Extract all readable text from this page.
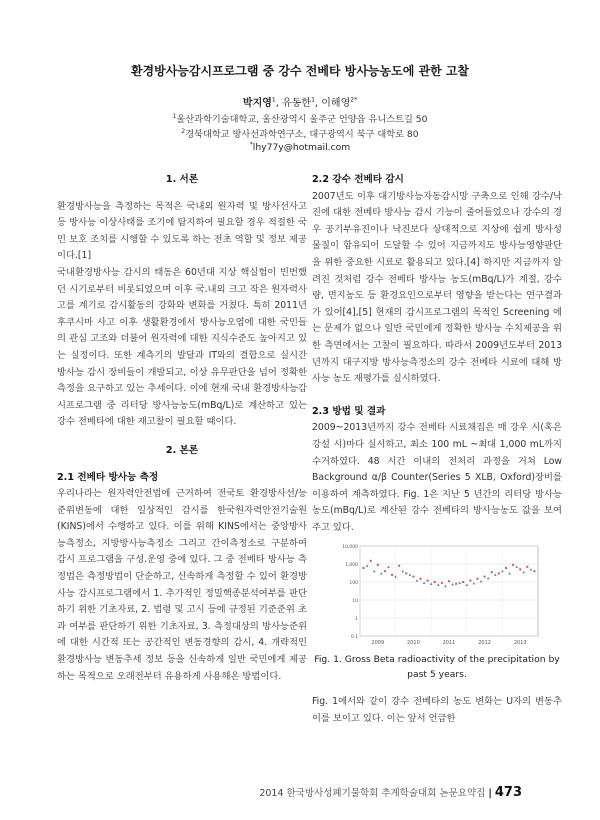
환경방사능감시프로그램 중 강수 전베타 방사능농도에 관한 고찰
박지영$^1$, 유동한$^1$, 이해영$^{2*}$
$^1$울산과학기술대학교, 울산광역시 울주군 언양읍 유니스트길 50
$^2$경북대학교 방사선과학연구소, 대구광역시 북구 대학로 80
*lhy77y@hotmail.com
1. 서론

환경방사능을 측정하는 목적은 국내외 원자력 및 방사선사고 등 방사능 이상사태를 조기에 탐지하여 필요할 경우 적절한 국민 보호 조치를 시행할 수 있도록 하는 전초 역할 및 정보 제공이다.[1]

국내환경방사능 감시의 태동은 60년대 지상 핵실험이 빈번했던 시기로부터 비롯되었으며 이후 국.내외 크고 작은 원자력사고를 계기로 감시활동의 강화와 변화를 거쳤다. 특히 2011년 후쿠시마 사고 이후 생활환경에서 방사능오염에 대한 국민들의 관심 고조와 더불어 원자력에 대한 지식수준도 높아지고 있는 실정이다. 또한 계측기의 발달과 IT와의 결합으로 실시간 방사능 감시 장비들이 개발되고, 이상 유무판단을 넘어 정확한 측정을 요구하고 있는 추세이다. 이에 현재 국내 환경방사능감시프로그램 중 리터당 방사능농도(mBq/L)로 계산하고 있는 강수 전베타에 대한 재고찰이 필요할 때이다.

2. 본론
2.1 전베타 방사능 측정

우리나라는 원자력안전법에 근거하여 전국토 환경방사선/능 준위변동에 대한 일상적인 감시를 한국원자력안전기술원(KINS)에서 수행하고 있다. 이를 위해 KINS에서는 중앙방사능측정소, 지방방사능측정소 그리고 간이측정소로 구분하여 감시 프로그램을 구성.운영 중에 있다. 그 중 전베타 방사능 측정법은 측정방법이 단순하고, 신속하게 측정할 수 있어 환경방사능 감시프로그램에서 1. 추가적인 정밀핵종분석여부를 판단하기 위한 기초자료, 2. 법령 및 고시 등에 규정된 기준준위 초과 여부를 판단하기 위한 기초자료, 3. 측정대상의 방사능준위에 대한 시간적 또는 공간적인 변동경향의 감시, 4. 개략적인 환경방사능 변동추세 정보 등을 신속하게 일반 국민에게 제공하는 목적으로 오래전부터 유용하게 사용해온 방법이다.

2.2 강수 전베타 감시

2007년도 이후 대기방사능자동감시망 구축으로 인해 강수/낙진에 대한 전베타 방사능 감시 기능이 줄어들었으나 강수의 경우 공기부유진이나 낙진보다 상대적으로 지상에 쉽게 방사성물질이 함유되어 도달할 수 있어 지금까지도 방사능영향판단을 위한 중요한 시료로 활용되고 있다.[4] 하지만 지금까지 알려진 것처럼 강수 전베타 방사능 농도(mBq/L)가 계절, 강수량, 먼지농도 등 환경요인으로부터 영향을 받는다는 연구결과가 있어[4],[5] 현재의 감시프로그램의 목적인 Screening 에는 문제가 없으나 일반 국민에게 정확한 방사능 수치제공을 위한 측면에서는 고찰이 필요하다. 따라서 2009년도부터 2013년까지 대구지방 방사능측정소의 강수 전베타 시료에 대해 방사능 농도 재평가를 실시하였다.

2.3 방법 및 결과

2009~2013년까지 강수 전베타 시료채집은 매 강우 시(혹은 강설 시)마다 실시하고, 최소 100 mL ~최대 1,000 mL까지 수거하였다. 48 시간 이내의 전처리 과정을 거쳐 Low Background α/β Counter(Series 5 XLB, Oxford)장비를 이용하여 계측하였다. Fig. 1은 지난 5 년간의 리터당 방사능농도(mBq/L)로 계산된 강수 전베타의 방사능농도 값을 보여주고 있다.

10,000
1,000
100
10
1
0.1
2009	2010	2011	2012	2013
Fig. 1. Gross Beta radioactivity of the precipitation by past 5 years.

Fig. 1에서와 같이 강수 전베타의 농도 변화는 U자의 변동추이를 보이고 있다. 이는 앞서 언급한

2014 한국방사성폐기물학회 추계학술대회 논문요약집 | 473
